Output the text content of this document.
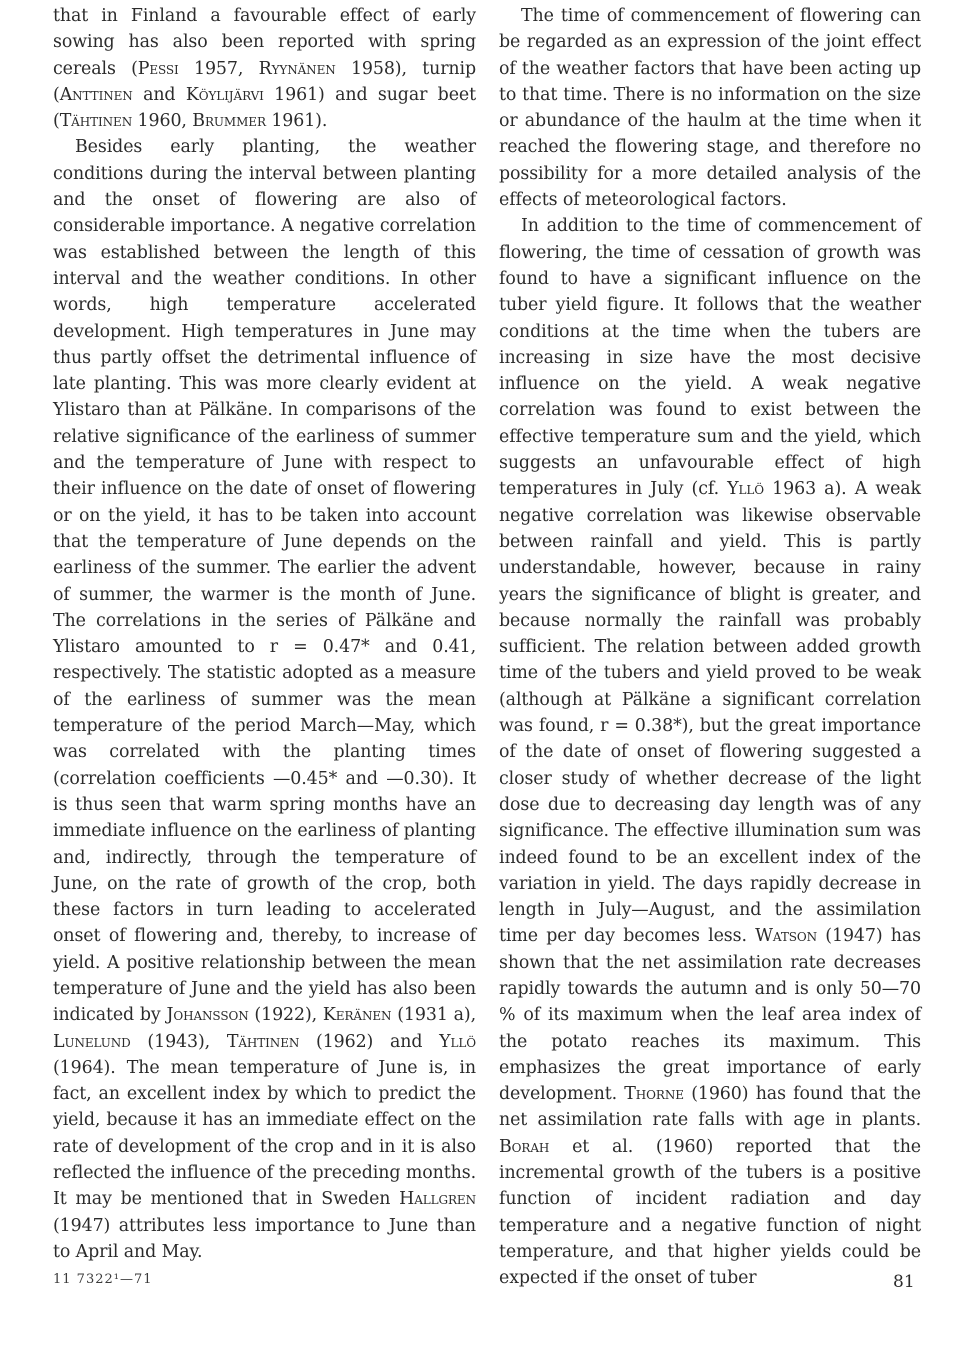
that in Finland a favourable effect of early sowing has also been reported with spring cereals (Pessi 1957, Ryynänen 1958), turnip (Anttinen and Köylijärvi 1961) and sugar beet (Tähtinen 1960, Brummer 1961).

Besides early planting, the weather conditions during the interval between planting and the onset of flowering are also of considerable importance. A negative correlation was established between the length of this interval and the weather conditions. In other words, high temperature accelerated development. High temperatures in June may thus partly offset the detrimental influence of late planting. This was more clearly evident at Ylistaro than at Pälkäne. In comparisons of the relative significance of the earliness of summer and the temperature of June with respect to their influence on the date of onset of flowering or on the yield, it has to be taken into account that the temperature of June depends on the earliness of the summer. The earlier the advent of summer, the warmer is the month of June. The correlations in the series of Pälkäne and Ylistaro amounted to r = 0.47* and 0.41, respectively. The statistic adopted as a measure of the earliness of summer was the mean temperature of the period March—May, which was correlated with the planting times (correlation coefficients —0.45* and —0.30). It is thus seen that warm spring months have an immediate influence on the earliness of planting and, indirectly, through the temperature of June, on the rate of growth of the crop, both these factors in turn leading to accelerated onset of flowering and, thereby, to increase of yield. A positive relationship between the mean temperature of June and the yield has also been indicated by Johansson (1922), Keränen (1931 a), Lunelund (1943), Tähtinen (1962) and Yllö (1964). The mean temperature of June is, in fact, an excellent index by which to predict the yield, because it has an immediate effect on the rate of development of the crop and in it is also reflected the influence of the preceding months. It may be mentioned that in Sweden Hallgren (1947) attributes less importance to June than to April and May.

The time of commencement of flowering can be regarded as an expression of the joint effect of the weather factors that have been acting up to that time. There is no information on the size or abundance of the haulm at the time when it reached the flowering stage, and therefore no possibility for a more detailed analysis of the effects of meteorological factors.

In addition to the time of commencement of flowering, the time of cessation of growth was found to have a significant influence on the tuber yield figure. It follows that the weather conditions at the time when the tubers are increasing in size have the most decisive influence on the yield. A weak negative correlation was found to exist between the effective temperature sum and the yield, which suggests an unfavourable effect of high temperatures in July (cf. Yllö 1963 a). A weak negative correlation was likewise observable between rainfall and yield. This is partly understandable, however, because in rainy years the significance of blight is greater, and because normally the rainfall was probably sufficient. The relation between added growth time of the tubers and yield proved to be weak (although at Pälkäne a significant correlation was found, r = 0.38*), but the great importance of the date of onset of flowering suggested a closer study of whether decrease of the light dose due to decreasing day length was of any significance. The effective illumination sum was indeed found to be an excellent index of the variation in yield. The days rapidly decrease in length in July—August, and the assimilation time per day becomes less. Watson (1947) has shown that the net assimilation rate decreases rapidly towards the autumn and is only 50—70 % of its maximum when the leaf area index of the potato reaches its maximum. This emphasizes the great importance of early development. Thorne (1960) has found that the net assimilation rate falls with age in plants. Borah et al. (1960) reported that the incremental growth of the tubers is a positive function of incident radiation and day temperature and a negative function of night temperature, and that higher yields could be expected if the onset of tuber

11 7322¹—71	81
